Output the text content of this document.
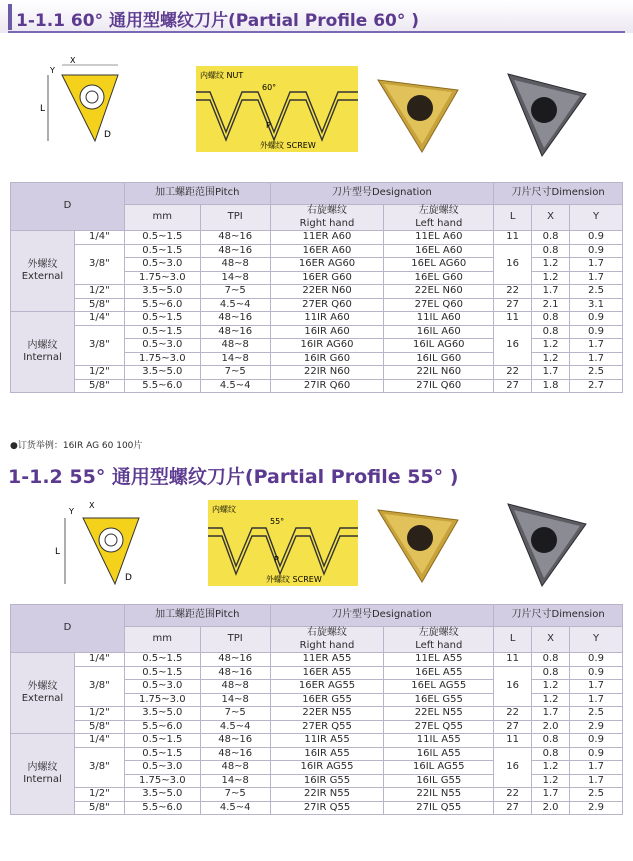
1-1.1 60° 通用型螺纹刀片(Partial Profile 60° )
L
D
Y
X
内螺纹 NUT
60°
P
外螺纹 SCREW
D		加工螺距范围Pitch		刀片型号Designation		刀片尺寸Dimension		
		mm	TPI	右旋螺纹
Right hand	左旋螺纹
Left hand	L	X	Y

外螺纹
External	1/4"	0.5~1.5	48~16	11ER A60	11EL A60	11	0.8	0.9
	3/8"	0.5~1.5	48~16	16ER A60	16EL A60	16	0.8	0.9
		0.5~3.0	48~8	16ER AG60	16EL AG60		1.2	1.7
		1.75~3.0	14~8	16ER G60	16EL G60		1.2	1.7
	1/2"	3.5~5.0	7~5	22ER N60	22EL N60	22	1.7	2.5
	5/8"	5.5~6.0	4.5~4	27ER Q60	27EL Q60	27	2.1	3.1

内螺纹
Internal	1/4"	0.5~1.5	48~16	11IR A60	11IL A60	11	0.8	0.9
	3/8"	0.5~1.5	48~16	16IR A60	16IL A60	16	0.8	0.9
		0.5~3.0	48~8	16IR AG60	16IL AG60		1.2	1.7
		1.75~3.0	14~8	16IR G60	16IL G60		1.2	1.7
	1/2"	3.5~5.0	7~5	22IR N60	22IL N60	22	1.7	2.5
	5/8"	5.5~6.0	4.5~4	27IR Q60	27IL Q60	27	1.8	2.7
●订货举例：16IR AG 60 100片
1-1.2 55° 通用型螺纹刀片(Partial Profile 55° )
L
D
Y
X	内螺纹
55°
P
外螺纹 SCREW
D		加工螺距范围Pitch		刀片型号Designation		刀片尺寸Dimension		
		mm	TPI	右旋螺纹
Right hand	左旋螺纹
Left hand	L	X	Y

外螺纹
External	1/4"	0.5~1.5	48~16	11ER A55	11EL A55	11	0.8	0.9
	3/8"	0.5~1.5	48~16	16ER A55	16EL A55	16	0.8	0.9
		0.5~3.0	48~8	16ER AG55	16EL AG55		1.2	1.7
		1.75~3.0	14~8	16ER G55	16EL G55		1.2	1.7
	1/2"	3.5~5.0	7~5	22ER N55	22EL N55	22	1.7	2.5
	5/8"	5.5~6.0	4.5~4	27ER Q55	27EL Q55	27	2.0	2.9

内螺纹
Internal	1/4"	0.5~1.5	48~16	11IR A55	11IL A55	11	0.8	0.9
	3/8"	0.5~1.5	48~16	16IR A55	16IL A55	16	0.8	0.9
		0.5~3.0	48~8	16IR AG55	16IL AG55		1.2	1.7
		1.75~3.0	14~8	16IR G55	16IL G55		1.2	1.7
	1/2"	3.5~5.0	7~5	22IR N55	22IL N55	22	1.7	2.5
	5/8"	5.5~6.0	4.5~4	27IR Q55	27IL Q55	27	2.0	2.9
